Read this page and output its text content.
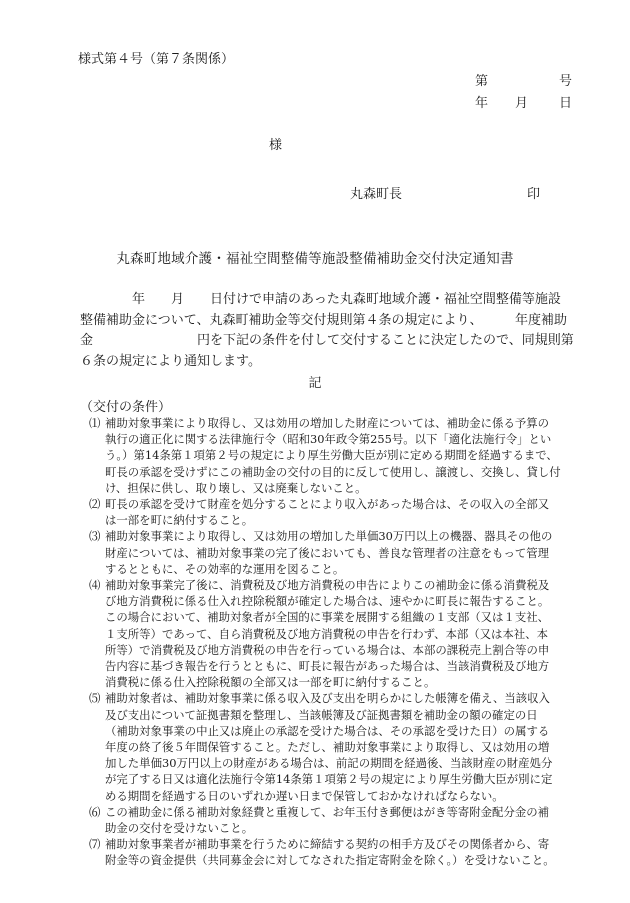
様式第４号（第７条関係）
第	号
年 月 日
様
丸森町長	印
丸森町地域介護・福祉空間整備等施設整備補助金交付決定通知書

　　　　年　　月　　日付けで申請のあった丸森町地域介護・福祉空間整備等施設

整備補助金について、丸森町補助金等交付規則第４条の規定により、　　　年度補助

金　　　　　　　　円を下記の条件を付して交付することに決定したので、同規則第

６条の規定により通知します。

記
（交付の条件）
⑴ 補助対象事業により取得し、又は効用の増加した財産については、補助金に係る予算の
執行の適正化に関する法律施行令（昭和30年政令第255号。以下「適化法施行令」とい
う。）第14条第１項第２号の規定により厚生労働大臣が別に定める期間を経過するまで、
町長の承認を受けずにこの補助金の交付の目的に反して使用し、譲渡し、交換し、貸し付
け、担保に供し、取り壊し、又は廃棄しないこと。
⑵ 町長の承認を受けて財産を処分することにより収入があった場合は、その収入の全部又
は一部を町に納付すること。
⑶ 補助対象事業により取得し、又は効用の増加した単価30万円以上の機器、器具その他の
財産については、補助対象事業の完了後においても、善良な管理者の注意をもって管理
するとともに、その効率的な運用を図ること。
⑷ 補助対象事業完了後に、消費税及び地方消費税の申告によりこの補助金に係る消費税及
び地方消費税に係る仕入れ控除税額が確定した場合は、速やかに町長に報告すること。
この場合において、補助対象者が全国的に事業を展開する組織の１支部（又は１支社、
１支所等）であって、自ら消費税及び地方消費税の申告を行わず、本部（又は本社、本
所等）で消費税及び地方消費税の申告を行っている場合は、本部の課税売上割合等の申
告内容に基づき報告を行うとともに、町長に報告があった場合は、当該消費税及び地方
消費税に係る仕入控除税額の全部又は一部を町に納付すること。
⑸ 補助対象者は、補助対象事業に係る収入及び支出を明らかにした帳簿を備え、当該収入
及び支出について証拠書類を整理し、当該帳簿及び証拠書類を補助金の額の確定の日
（補助対象事業の中止又は廃止の承認を受けた場合は、その承認を受けた日）の属する
年度の終了後５年間保管すること。ただし、補助対象事業により取得し、又は効用の増
加した単価30万円以上の財産がある場合は、前記の期間を経過後、当該財産の財産処分
が完了する日又は適化法施行令第14条第１項第２号の規定により厚生労働大臣が別に定
める期間を経過する日のいずれか遅い日まで保管しておかなければならない。
⑹ この補助金に係る補助対象経費と重複して、お年玉付き郵便はがき等寄附金配分金の補
助金の交付を受けないこと。
⑺ 補助対象事業者が補助事業を行うために締結する契約の相手方及びその関係者から、寄
附金等の資金提供（共同募金会に対してなされた指定寄附金を除く。）を受けないこと。
